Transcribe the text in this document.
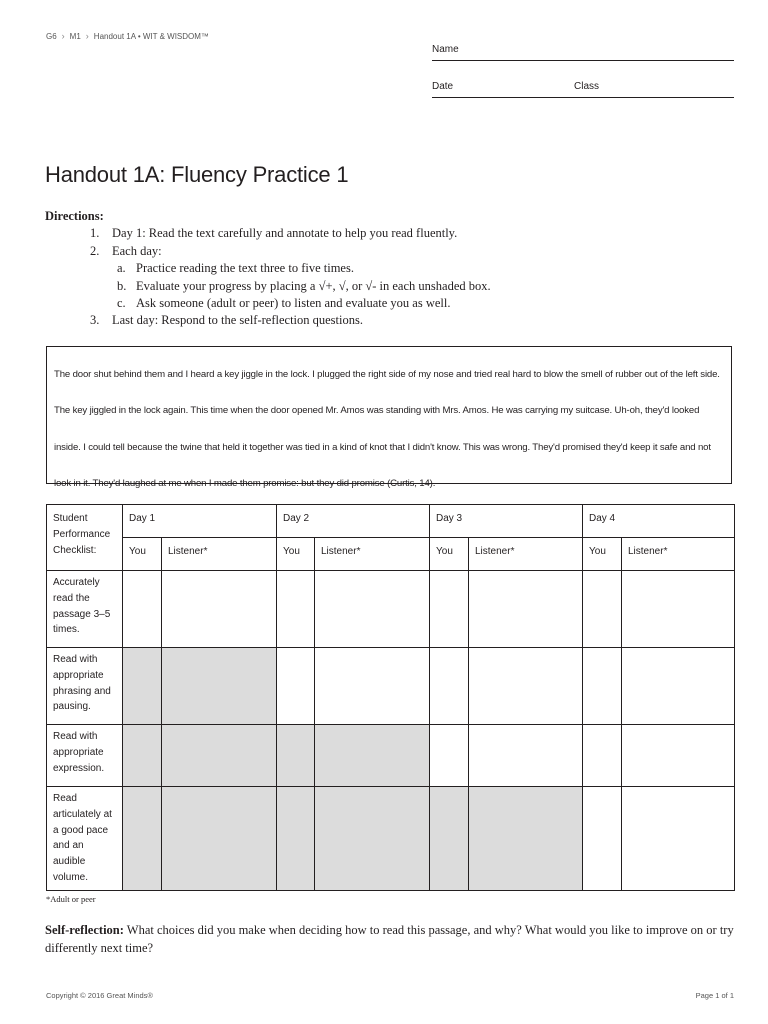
G6 › M1 › Handout 1A • WIT & WISDOM™
Name
Date	Class
Handout 1A: Fluency Practice 1
Directions:
1.	Day 1: Read the text carefully and annotate to help you read fluently.
2.	Each day:
a. Practice reading the text three to five times.
b. Evaluate your progress by placing a √+, √, or √- in each unshaded box.
c. Ask someone (adult or peer) to listen and evaluate you as well.
3.	Last day: Respond to the self-reflection questions.
The door shut behind them and I heard a key jiggle in the lock. I plugged the right side of my nose and tried real hard to blow the smell of rubber out of the left side. The key jiggled in the lock again. This time when the door opened Mr. Amos was standing with Mrs. Amos. He was carrying my suitcase. Uh-oh, they'd looked inside. I could tell because the twine that held it together was tied in a kind of knot that I didn't know. This was wrong. They'd promised they'd keep it safe and not look in it. They'd laughed at me when I made them promise: but they did promise (Curtis, 14).
Student Performance Checklist:	Day 1		Day 2		Day 3		Day 4	
	You	Listener*	You	Listener*	You	Listener*	You	Listener*
Accurately read the passage 3–5 times.								
Read with appropriate phrasing and pausing.								
Read with appropriate expression.								
Read articulately at a good pace and an audible volume.								
*Adult or peer
Self-reflection: What choices did you make when deciding how to read this passage, and why? What would you like to improve on or try differently next time?
Copyright © 2016 Great Minds®	Page 1 of 1
